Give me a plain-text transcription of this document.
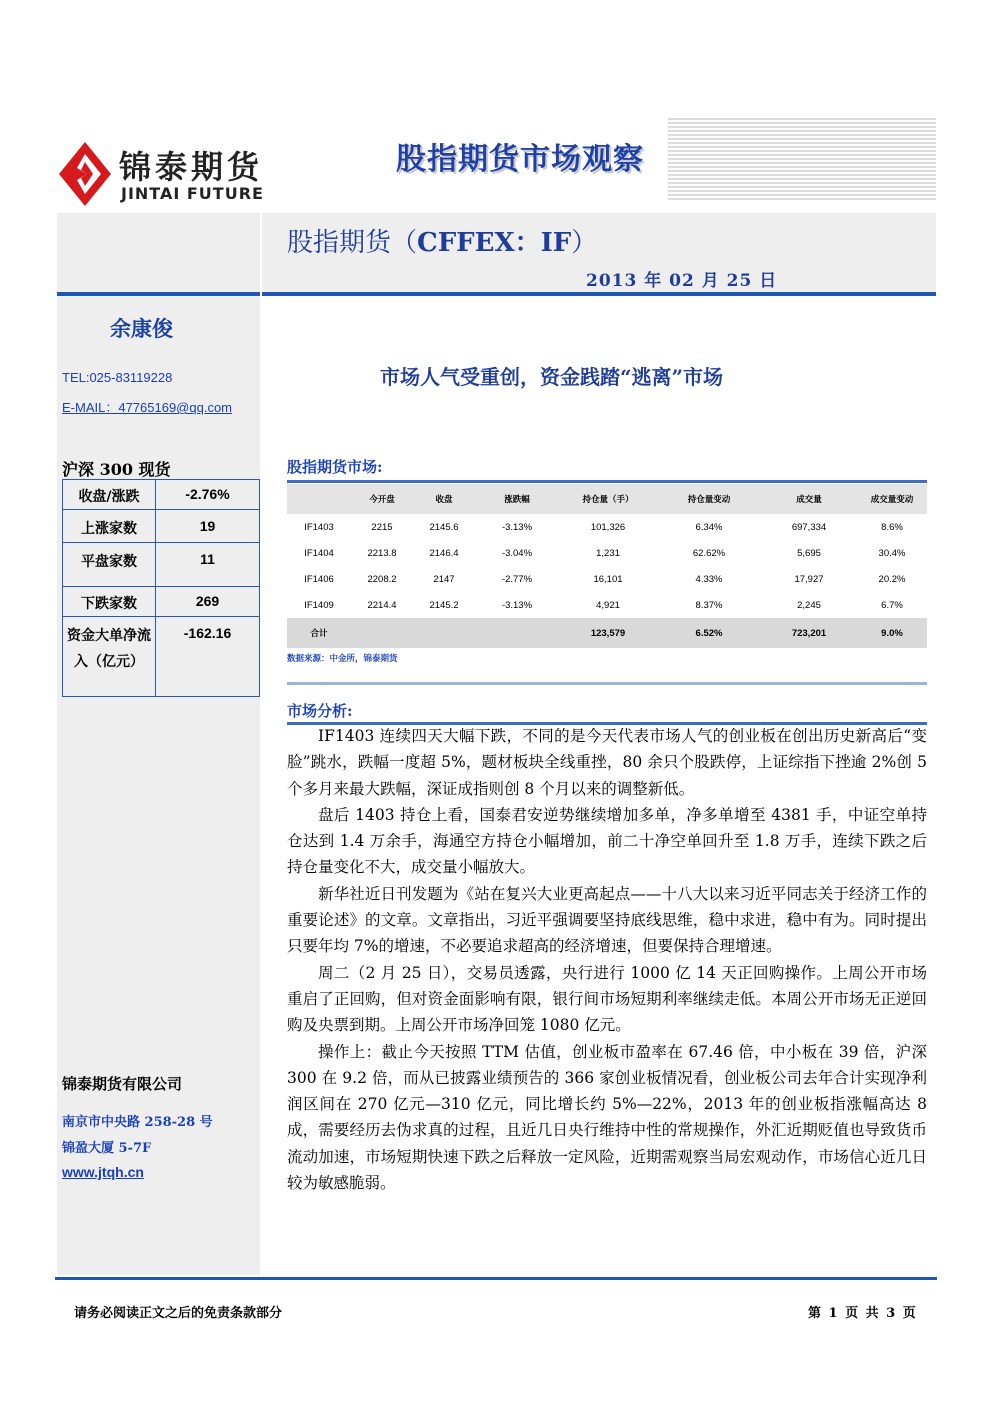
锦泰期货
JINTAI FUTURE
股指期货市场观察
余康俊
TEL:025-83119228
E-MAIL：47765169@qq.com
沪深 300 现货
收盘/涨跌	-2.76%
上涨家数	19
平盘家数	11
下跌家数	269
资金大单净流入（亿元）	-162.16
锦泰期货有限公司
南京市中央路 258-28 号
锦盈大厦 5-7F
www.jtqh.cn
股指期货（CFFEX：IF）
2013 年 02 月 25 日
市场人气受重创，资金践踏“逃离”市场
股指期货市场:
	今开盘	收盘	涨跌幅	持仓量（手）	持仓量变动	成交量	成交量变动
IF1403	2215	2145.6	-3.13%	101,326	6.34%	697,334	8.6%
IF1404	2213.8	2146.4	-3.04%	1,231	62.62%	5,695	30.4%
IF1406	2208.2	2147	-2.77%	16,101	4.33%	17,927	20.2%
IF1409	2214.4	2145.2	-3.13%	4,921	8.37%	2,245	6.7%
合计				123,579	6.52%	723,201	9.0%
数据来源：中金所，锦泰期货
市场分析:

IF1403 连续四天大幅下跌，不同的是今天代表市场人气的创业板在创出历史新高后“变脸”跳水，跌幅一度超 5%，题材板块全线重挫，80 余只个股跌停，上证综指下挫逾 2%创 5 个多月来最大跌幅，深证成指则创 8 个月以来的调整新低。

盘后 1403 持仓上看，国泰君安逆势继续增加多单，净多单增至 4381 手，中证空单持仓达到 1.4 万余手，海通空方持仓小幅增加，前二十净空单回升至 1.8 万手，连续下跌之后持仓量变化不大，成交量小幅放大。

新华社近日刊发题为《站在复兴大业更高起点——十八大以来习近平同志关于经济工作的重要论述》的文章。文章指出，习近平强调要坚持底线思维，稳中求进，稳中有为。同时提出只要年均 7%的增速，不必要追求超高的经济增速，但要保持合理增速。

周二（2 月 25 日），交易员透露，央行进行 1000 亿 14 天正回购操作。上周公开市场重启了正回购，但对资金面影响有限，银行间市场短期利率继续走低。本周公开市场无正逆回购及央票到期。上周公开市场净回笼 1080 亿元。

操作上：截止今天按照 TTM 估值，创业板市盈率在 67.46 倍，中小板在 39 倍，沪深 300 在 9.2 倍，而从已披露业绩预告的 366 家创业板情况看，创业板公司去年合计实现净利润区间在 270 亿元—310 亿元，同比增长约 5%—22%，2013 年的创业板指涨幅高达 8 成，需要经历去伪求真的过程，且近几日央行维持中性的常规操作，外汇近期贬值也导致货币流动加速，市场短期快速下跌之后释放一定风险，近期需观察当局宏观动作，市场信心近几日较为敏感脆弱。

请务必阅读正文之后的免责条款部分	第 1 页 共 3 页
